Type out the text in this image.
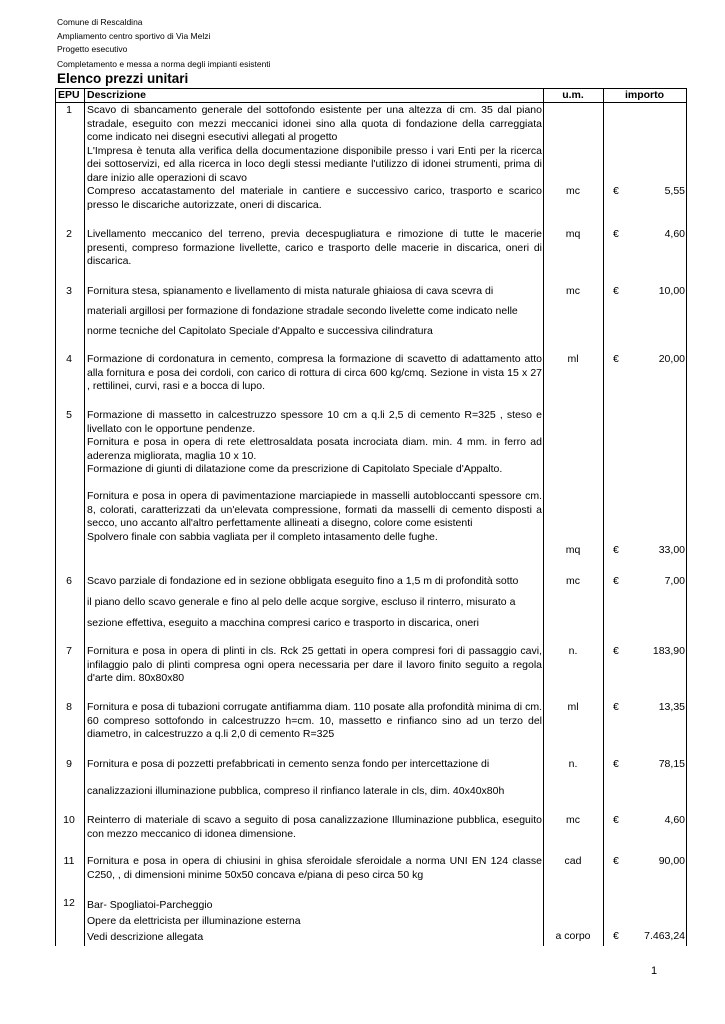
Comune di Rescaldina
Ampliamento centro sportivo di Via Melzi
Progetto esecutivo
Completamento e messa a norma degli impianti esistenti
Elenco prezzi unitari
EPU Descrizione	u.m.	importo
1	Scavo di sbancamento generale del sottofondo esistente per una altezza di cm. 35 dal piano stradale, eseguito con mezzi meccanici idonei sino alla quota di fondazione della carreggiata come indicato nei disegni esecutivi allegati al progetto

L'Impresa è tenuta alla verifica della documentazione disponibile presso i vari Enti per la ricerca dei sottoservizi, ed alla ricerca in loco degli stessi mediante l'utilizzo di idonei strumenti, prima di dare inizio alle operazioni di scavo

Compreso accatastamento del materiale in cantiere e successivo carico, trasporto e scarico presso le discariche autorizzate, oneri di discarica.

mc	€	5,55
2	Livellamento meccanico del terreno, previa decespugliatura e rimozione di tutte le macerie presenti, compreso formazione livellette, carico e trasporto delle macerie in discarica, oneri di discarica.

mq	€	4,60
3	Fornitura stesa, spianamento e livellamento di mista naturale ghiaiosa di cava scevra di

materiali argillosi per formazione di fondazione stradale secondo livelette come indicato nelle

norme tecniche del Capitolato Speciale d'Appalto e successiva cilindratura

mc	€	10,00
4	Formazione di cordonatura in cemento, compresa la formazione di scavetto di adattamento atto alla fornitura e posa dei cordoli, con carico di rottura di circa 600 kg/cmq. Sezione in vista 15 x 27 , rettilinei, curvi, rasi e a bocca di lupo.

ml	€	20,00
5	Formazione di massetto in calcestruzzo spessore 10 cm a q.li 2,5 di cemento R=325 , steso e livellato con le opportune pendenze.

Fornitura e posa in opera di rete elettrosaldata posata incrociata diam. min. 4 mm. in ferro ad aderenza migliorata, maglia 10 x 10.

Formazione di giunti di dilatazione come da prescrizione di Capitolato Speciale d'Appalto.

Fornitura e posa in opera di pavimentazione marciapiede in masselli autobloccanti spessore cm. 8, colorati, caratterizzati da un'elevata compressione, formati da masselli di cemento disposti a secco, uno accanto all'altro perfettamente allineati a disegno, colore come esistenti

Spolvero finale con sabbia vagliata per il completo intasamento delle fughe.

mq	€	33,00
6	Scavo parziale di fondazione ed in sezione obbligata eseguito fino a 1,5 m di profondità sotto

il piano dello scavo generale e fino al pelo delle acque sorgive, escluso il rinterro, misurato a

sezione effettiva, eseguito a macchina compresi carico e trasporto in discarica, oneri

mc	€	7,00
7	Fornitura e posa in opera di plinti in cls. Rck 25 gettati in opera compresi fori di passaggio cavi, infilaggio palo di plinti compresa ogni opera necessaria per dare il lavoro finito seguito a regola d'arte dim. 80x80x80

n.	€	183,90
8	Fornitura e posa di tubazioni corrugate antifiamma diam. 110 posate alla profondità minima di cm. 60 compreso sottofondo in calcestruzzo h=cm. 10, massetto e rinfianco sino ad un terzo del diametro, in calcestruzzo a q.li 2,0 di cemento R=325

ml	€	13,35
9	Fornitura e posa di pozzetti prefabbricati in cemento senza fondo per intercettazione di

canalizzazioni illuminazione pubblica, compreso il rinfianco laterale in cls, dim. 40x40x80h

n.	€	78,15
10	Reinterro di materiale di scavo a seguito di posa canalizzazione Illuminazione pubblica, eseguito con mezzo meccanico di idonea dimensione.

mc	€	4,60
11	Fornitura e posa in opera di chiusini in ghisa sferoidale sferoidale a norma UNI EN 124 classe C250, , di dimensioni minime 50x50 concava e/piana di peso circa 50 kg

cad	€	90,00
12	Bar- Spogliatoi-Parcheggio

Opere da elettricista per illuminazione esterna

Vedi descrizione allegata	a corpo	€	7.463,24
1
